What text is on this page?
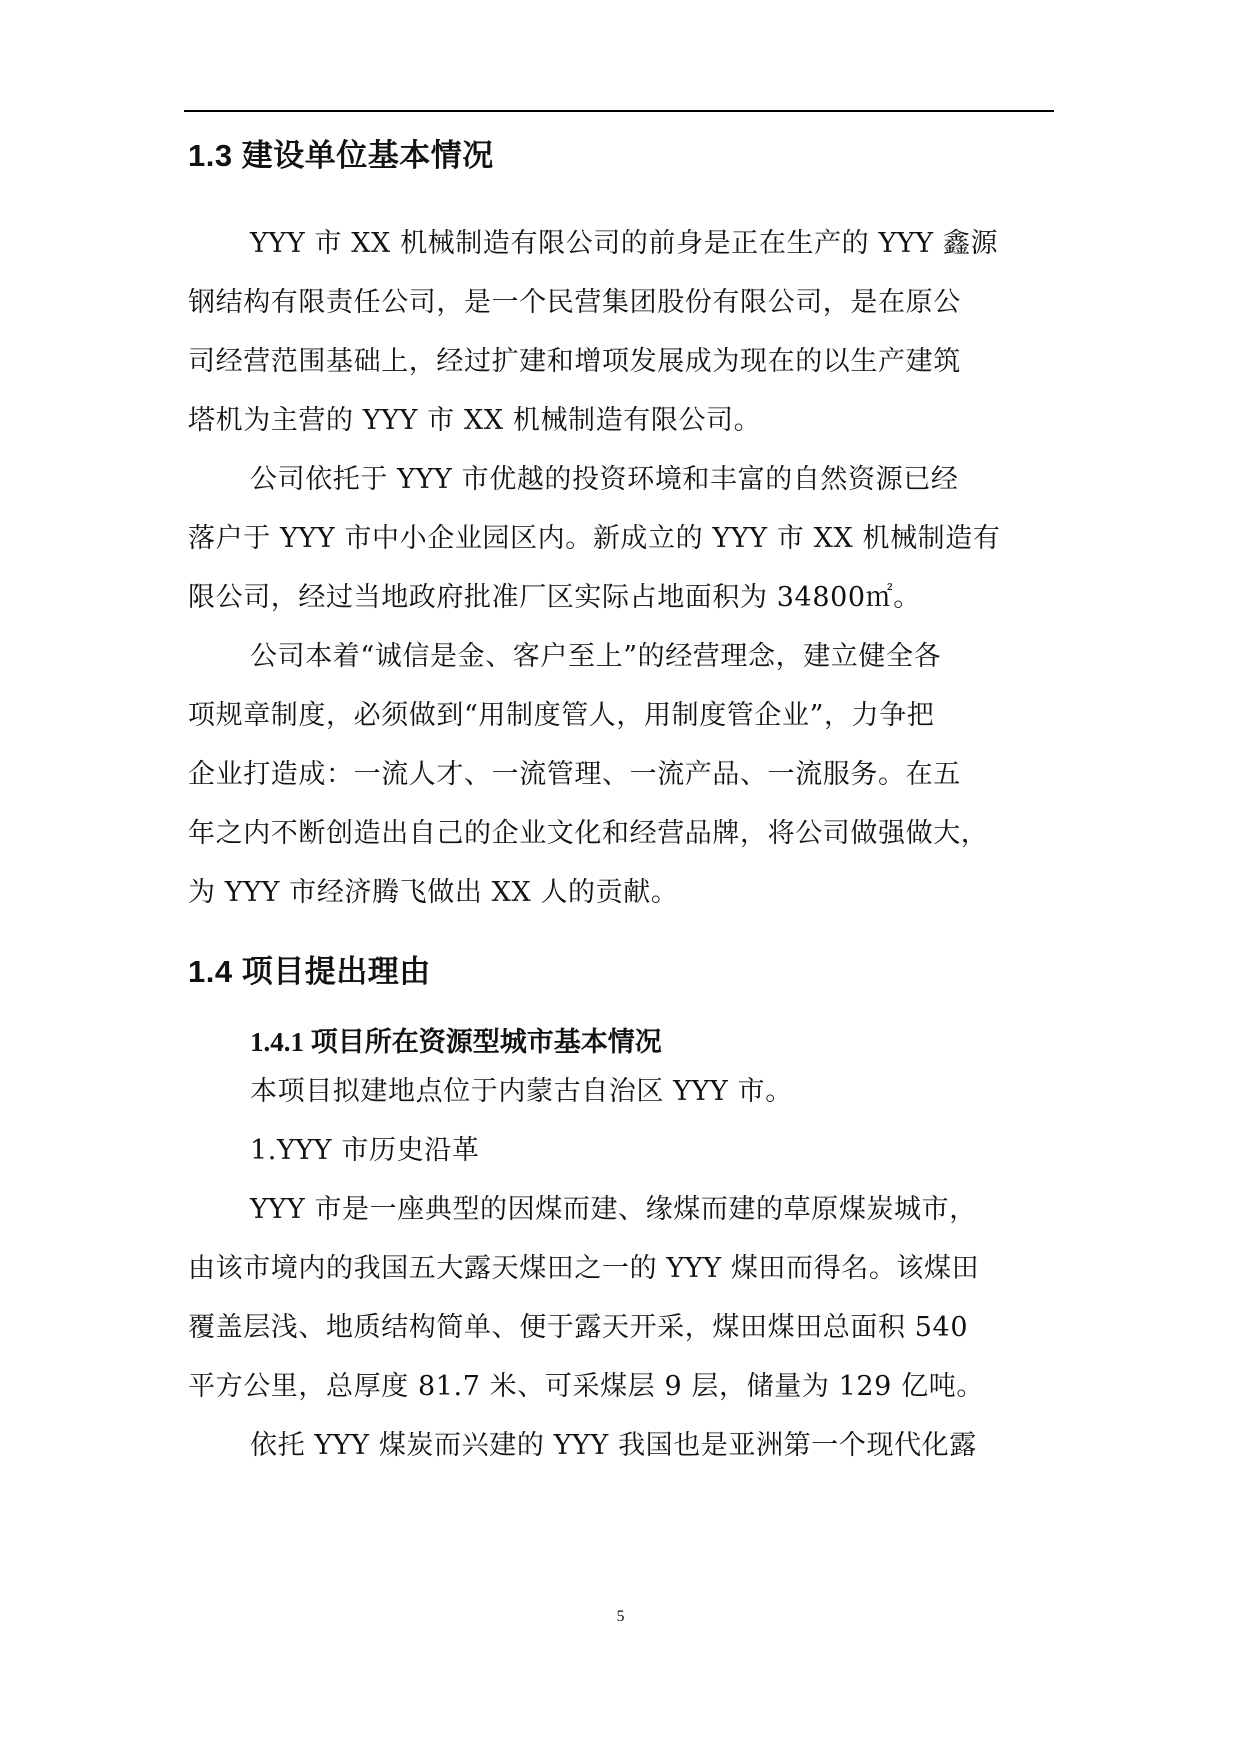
1.3 建设单位基本情况

YYY 市 XX 机械制造有限公司的前身是正在生产的 YYY 鑫源
钢结构有限责任公司，是一个民营集团股份有限公司，是在原公
司经营范围基础上，经过扩建和增项发展成为现在的以生产建筑
塔机为主营的 YYY 市 XX 机械制造有限公司。

公司依托于 YYY 市优越的投资环境和丰富的自然资源已经
落户于 YYY 市中小企业园区内。新成立的 YYY 市 XX 机械制造有
限公司，经过当地政府批准厂区实际占地面积为 34800㎡。

公司本着“诚信是金、客户至上”的经营理念，建立健全各
项规章制度，必须做到“用制度管人，用制度管企业”，力争把
企业打造成：一流人才、一流管理、一流产品、一流服务。在五
年之内不断创造出自己的企业文化和经营品牌，将公司做强做大，
为 YYY 市经济腾飞做出 XX 人的贡献。

1.4 项目提出理由
1.4.1 项目所在资源型城市基本情况

本项目拟建地点位于内蒙古自治区 YYY 市。

1.YYY 市历史沿革

YYY 市是一座典型的因煤而建、缘煤而建的草原煤炭城市，
由该市境内的我国五大露天煤田之一的 YYY 煤田而得名。该煤田
覆盖层浅、地质结构简单、便于露天开采，煤田煤田总面积 540
平方公里，总厚度 81.7 米、可采煤层 9 层，储量为 129 亿吨。

依托 YYY 煤炭而兴建的 YYY 我国也是亚洲第一个现代化露

5
